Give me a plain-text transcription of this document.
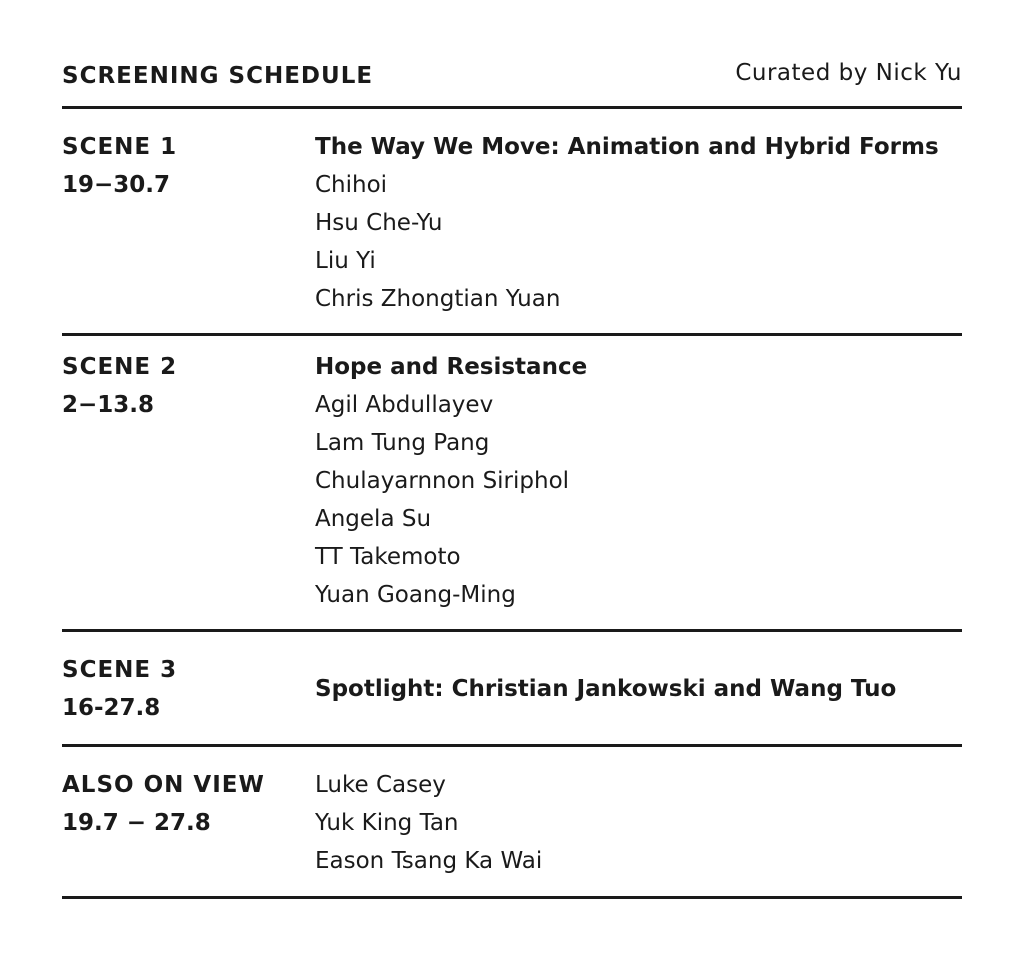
SCREENING SCHEDULE	Curated by Nick Yu
SCENE 1
19−30.7
The Way We Move: Animation and Hybrid Forms
Chihoi
Hsu Che-Yu
Liu Yi
Chris Zhongtian Yuan
SCENE 2
2−13.8
Hope and Resistance
Agil Abdullayev
Lam Tung Pang
Chulayarnnon Siriphol
Angela Su
TT Takemoto
Yuan Goang-Ming
SCENE 3
16-27.8
Spotlight: Christian Jankowski and Wang Tuo
ALSO ON VIEW
19.7 − 27.8
Luke Casey
Yuk King Tan
Eason Tsang Ka Wai
